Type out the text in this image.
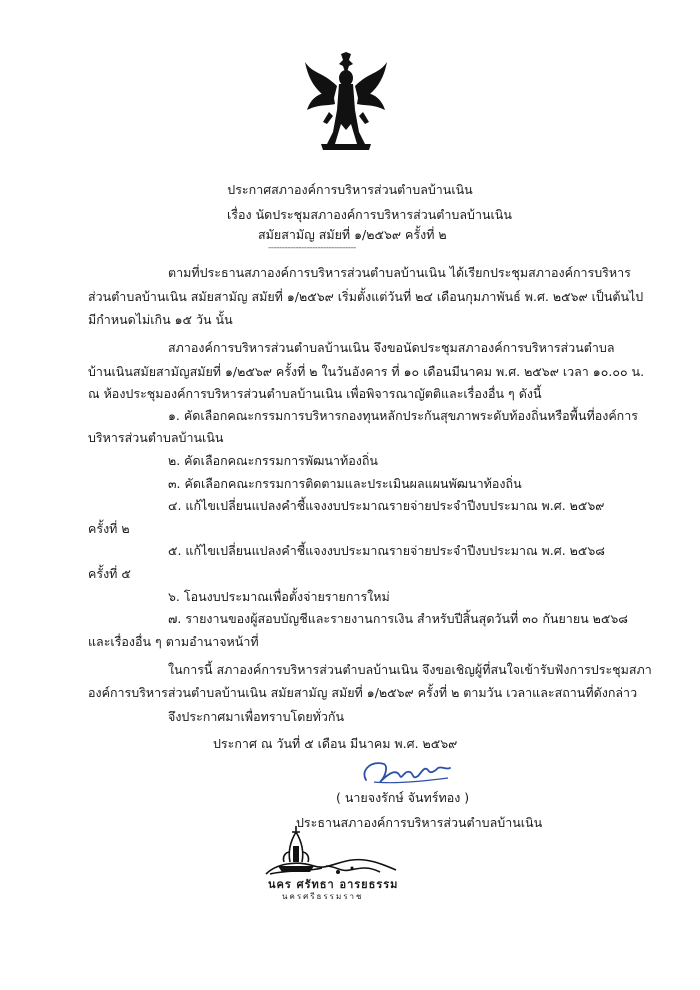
ประกาศสภาองค์การบริหารส่วนตำบลบ้านเนิน
เรื่อง นัดประชุมสภาองค์การบริหารส่วนตำบลบ้านเนิน
สมัยสามัญ สมัยที่ ๑/๒๕๖๙ ครั้งที่ ๒
--------------------------------
ตามที่ประธานสภาองค์การบริหารส่วนตำบลบ้านเนิน ได้เรียกประชุมสภาองค์การบริหาร
ส่วนตำบลบ้านเนิน สมัยสามัญ สมัยที่ ๑/๒๕๖๙ เริ่มตั้งแต่วันที่ ๒๔ เดือนกุมภาพันธ์ พ.ศ. ๒๕๖๙ เป็นต้นไป
มีกำหนดไม่เกิน ๑๕ วัน นั้น
สภาองค์การบริหารส่วนตำบลบ้านเนิน จึงขอนัดประชุมสภาองค์การบริหารส่วนตำบล
บ้านเนินสมัยสามัญสมัยที่ ๑/๒๕๖๙ ครั้งที่ ๒ ในวันอังคาร ที่ ๑๐ เดือนมีนาคม พ.ศ. ๒๕๖๙ เวลา ๑๐.๐๐ น.
ณ ห้องประชุมองค์การบริหารส่วนตำบลบ้านเนิน เพื่อพิจารณาญัตติและเรื่องอื่น ๆ ดังนี้
๑. คัดเลือกคณะกรรมการบริหารกองทุนหลักประกันสุขภาพระดับท้องถิ่นหรือพื้นที่องค์การ
บริหารส่วนตำบลบ้านเนิน
๒. คัดเลือกคณะกรรมการพัฒนาท้องถิ่น
๓. คัดเลือกคณะกรรมการติดตามและประเมินผลแผนพัฒนาท้องถิ่น
๔. แก้ไขเปลี่ยนแปลงคำชี้แจงงบประมาณรายจ่ายประจำปีงบประมาณ พ.ศ. ๒๕๖๙
ครั้งที่ ๒
๕. แก้ไขเปลี่ยนแปลงคำชี้แจงงบประมาณรายจ่ายประจำปีงบประมาณ พ.ศ. ๒๕๖๘
ครั้งที่ ๕
๖. โอนงบประมาณเพื่อตั้งจ่ายรายการใหม่
๗. รายงานของผู้สอบบัญชีและรายงานการเงิน สำหรับปีสิ้นสุดวันที่ ๓๐ กันยายน ๒๕๖๘
และเรื่องอื่น ๆ ตามอำนาจหน้าที่
ในการนี้ สภาองค์การบริหารส่วนตำบลบ้านเนิน จึงขอเชิญผู้ที่สนใจเข้ารับฟังการประชุมสภา
องค์การบริหารส่วนตำบลบ้านเนิน สมัยสามัญ สมัยที่ ๑/๒๕๖๙ ครั้งที่ ๒ ตามวัน เวลาและสถานที่ดังกล่าว
จึงประกาศมาเพื่อทราบโดยทั่วกัน
ประกาศ ณ วันที่ ๕ เดือน มีนาคม พ.ศ. ๒๕๖๙
( นายจงรักษ์ จันทร์ทอง )
ประธานสภาองค์การบริหารส่วนตำบลบ้านเนิน
นคร ศรัทธา อารยธรรม
นครศรีธรรมราช
